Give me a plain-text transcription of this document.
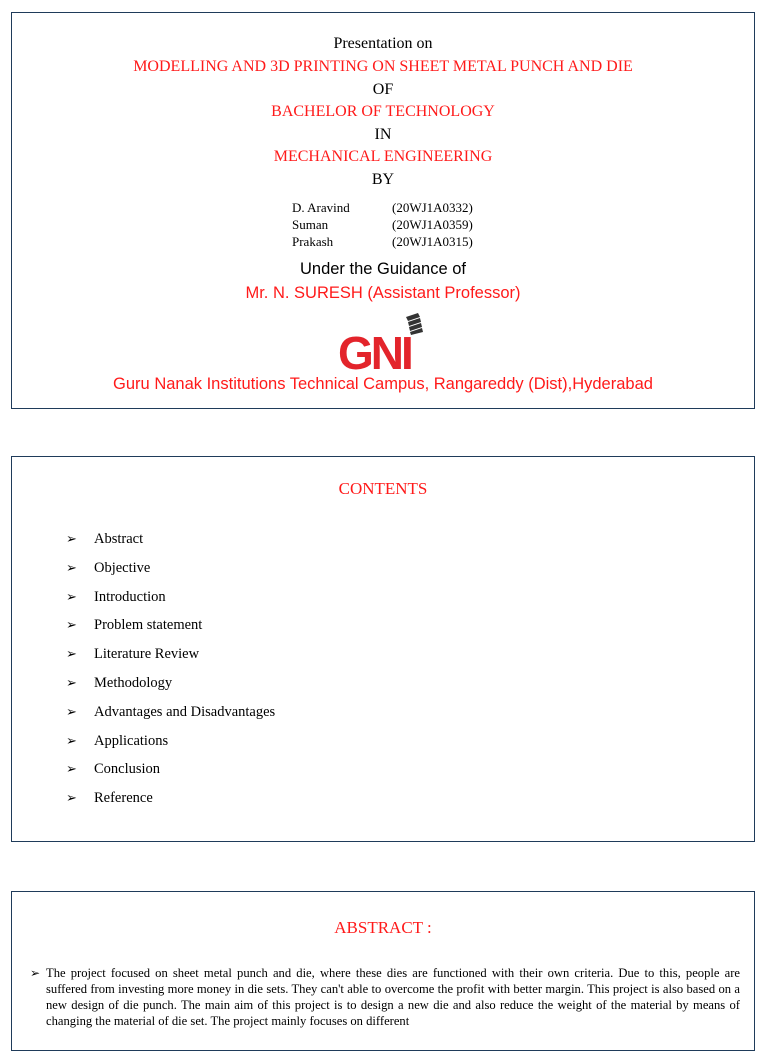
Presentation on
MODELLING AND 3D PRINTING ON SHEET METAL PUNCH AND DIE
OF
BACHELOR OF TECHNOLOGY
IN
MECHANICAL ENGINEERING
BY
D. Aravind	(20WJ1A0332)
Suman	(20WJ1A0359)
Prakash	(20WJ1A0315)
Under the Guidance of
Mr. N. SURESH (Assistant Professor)
GNI
Guru Nanak Institutions Technical Campus, Rangareddy (Dist),Hyderabad
CONTENTS
➢ Abstract
➢ Objective
➢ Introduction
➢ Problem statement
➢ Literature Review
➢ Methodology
➢ Advantages and Disadvantages
➢ Applications
➢ Conclusion
➢ Reference
ABSTRACT :
➢ The project focused on sheet metal punch and die, where these dies are functioned with their own criteria. Due to this, people are suffered from investing more money in die sets. They can't able to overcome the profit with better margin. This project is also based on a new design of die punch. The main aim of this project is to design a new die and also reduce the weight of the material by means of changing the material of die set. The project mainly focuses on different
